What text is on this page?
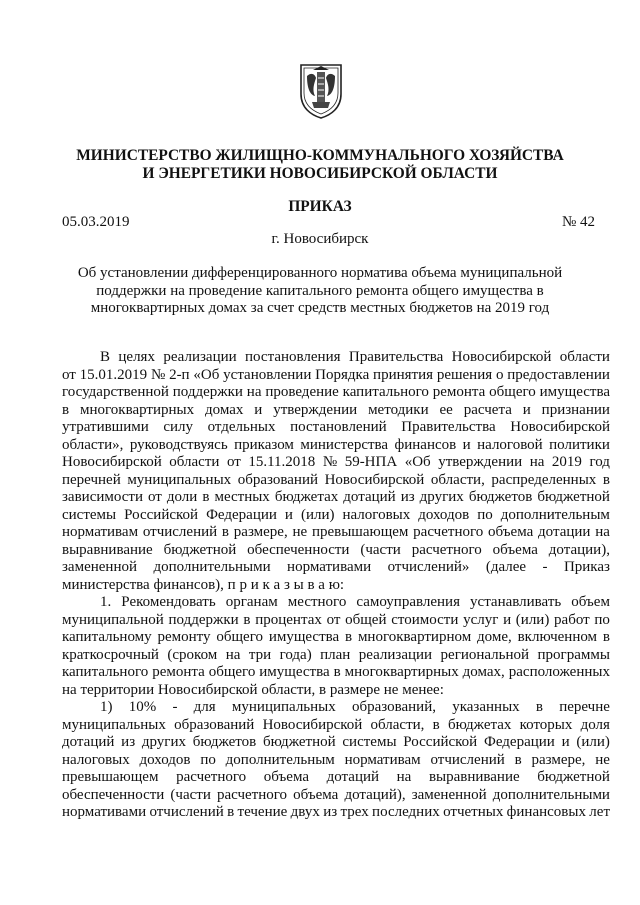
МИНИСТЕРСТВО ЖИЛИЩНО-КОММУНАЛЬНОГО ХОЗЯЙСТВА
И ЭНЕРГЕТИКИ НОВОСИБИРСКОЙ ОБЛАСТИ
ПРИКАЗ
05.03.2019	№ 42
г. Новосибирск
Об установлении дифференцированного норматива объема муниципальной
поддержки на проведение капитального ремонта общего имущества в
многоквартирных домах за счет средств местных бюджетов на 2019 год
В целях реализации постановления Правительства Новосибирской области
от 15.01.2019 № 2-п «Об установлении Порядка принятия решения о предоставлении
государственной поддержки на проведение капитального ремонта общего имущества
в многоквартирных домах и утверждении методики ее расчета и признании
утратившими силу отдельных постановлений Правительства Новосибирской
области», руководствуясь приказом министерства финансов и налоговой политики
Новосибирской области от 15.11.2018 № 59-НПА «Об утверждении на 2019 год
перечней муниципальных образований Новосибирской области, распределенных в
зависимости от доли в местных бюджетах дотаций из других бюджетов бюджетной
системы Российской Федерации и (или) налоговых доходов по дополнительным
нормативам отчислений в размере, не превышающем расчетного объема дотации на
выравнивание бюджетной обеспеченности (части расчетного объема дотации),
замененной дополнительными нормативами отчислений» (далее - Приказ
министерства финансов), п р и к а з ы в а ю:
1. Рекомендовать органам местного самоуправления устанавливать объем
муниципальной поддержки в процентах от общей стоимости услуг и (или) работ по
капитальному ремонту общего имущества в многоквартирном доме, включенном в
краткосрочный (сроком на три года) план реализации региональной программы
капитального ремонта общего имущества в многоквартирных домах, расположенных
на территории Новосибирской области, в размере не менее:
1) 10% - для муниципальных образований, указанных в перечне
муниципальных образований Новосибирской области, в бюджетах которых доля
дотаций из других бюджетов бюджетной системы Российской Федерации и (или)
налоговых доходов по дополнительным нормативам отчислений в размере, не
превышающем расчетного объема дотаций на выравнивание бюджетной
обеспеченности (части расчетного объема дотаций), замененной дополнительными
нормативами отчислений в течение двух из трех последних отчетных финансовых лет
